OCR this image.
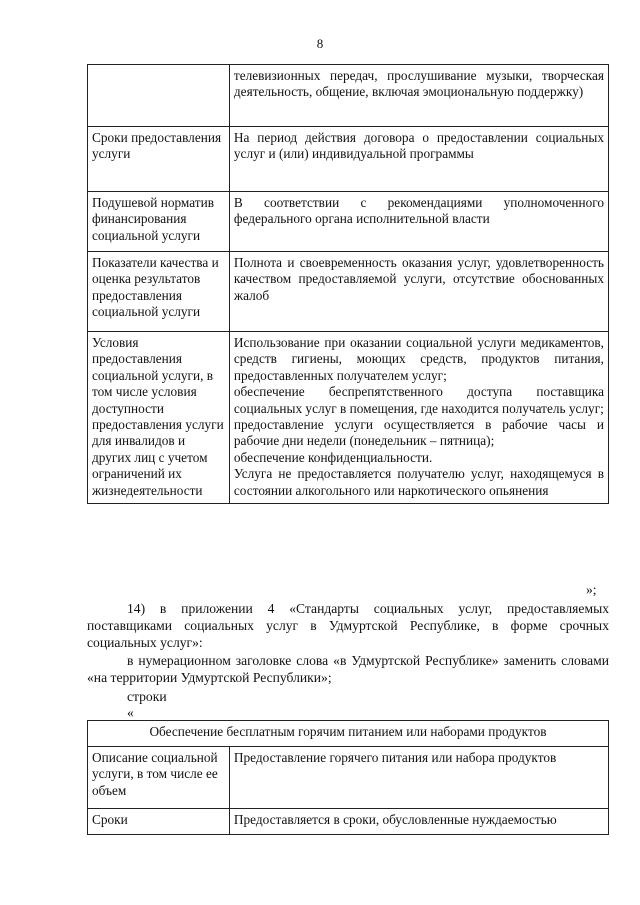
8

	телевизионных передач, прослушивание музыки, творческая деятельность, общение, включая эмоциональную поддержку)

Сроки предоставления услуги	На период действия договора о предоставлении социальных услуг и (или) индивидуальной программы

Подушевой норматив финансирования социальной услуги	В соответствии с рекомендациями уполномоченного федерального органа исполнительной власти

Показатели качества и оценка результатов предоставления социальной услуги	Полнота и своевременность оказания услуг, удовлетворенность качеством предоставляемой услуги, отсутствие обоснованных жалоб

Условия предоставления социальной услуги, в том числе условия доступности предоставления услуги для инвалидов и других лиц с учетом ограничений их жизнедеятельности	Использование при оказании социальной услуги медикаментов, средств гигиены, моющих средств, продуктов питания, предоставленных получателем услуг;

обеспечение беспрепятственного доступа поставщика социальных услуг в помещения, где находится получатель услуг;

предоставление услуги осуществляется в рабочие часы и рабочие дни недели (понедельник – пятница);

обеспечение конфиденциальности.

Услуга не предоставляется получателю услуг, находящемуся в состоянии алкогольного или наркотического опьянения

»;
14) в приложении 4 «Стандарты социальных услуг, предоставляемых поставщиками социальных услуг в Удмуртской Республике, в форме срочных социальных услуг»:
в нумерационном заголовке слова «в Удмуртской Республике» заменить словами «на территории Удмуртской Республики»;
строки
«
Обеспечение бесплатным горячим питанием или наборами продуктов	
Описание социальной услуги, в том числе ее объем	Предоставление горячего питания или набора продуктов
Сроки	Предоставляется в сроки, обусловленные нуждаемостью
